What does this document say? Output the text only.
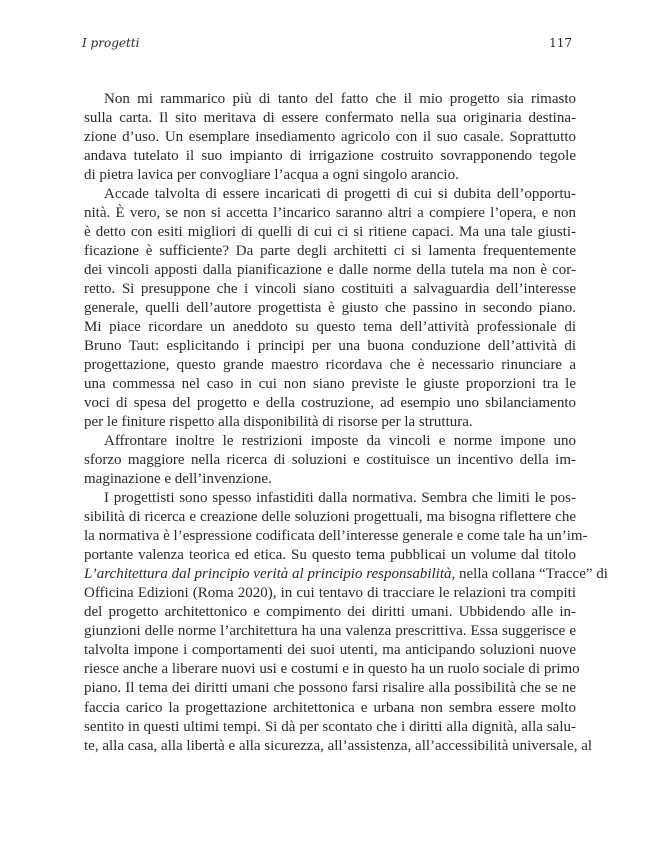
I progetti	117
Non mi rammarico più di tanto del fatto che il mio progetto sia rimasto
sulla carta. Il sito meritava di essere confermato nella sua originaria destina-
zione d’uso. Un esemplare insediamento agricolo con il suo casale. Soprattutto
andava tutelato il suo impianto di irrigazione costruito sovrapponendo tegole
di pietra lavica per convogliare l’acqua a ogni singolo arancio.
Accade talvolta di essere incaricati di progetti di cui si dubita dell’opportu-
nità. È vero, se non si accetta l’incarico saranno altri a compiere l’opera, e non
è detto con esiti migliori di quelli di cui ci si ritiene capaci. Ma una tale giusti-
ficazione è sufficiente? Da parte degli architetti ci si lamenta frequentemente
dei vincoli apposti dalla pianificazione e dalle norme della tutela ma non è cor-
retto. Si presuppone che i vincoli siano costituiti a salvaguardia dell’interesse
generale, quelli dell’autore progettista è giusto che passino in secondo piano.
Mi piace ricordare un aneddoto su questo tema dell’attività professionale di
Bruno Taut: esplicitando i principi per una buona conduzione dell’attività di
progettazione, questo grande maestro ricordava che è necessario rinunciare a
una commessa nel caso in cui non siano previste le giuste proporzioni tra le
voci di spesa del progetto e della costruzione, ad esempio uno sbilanciamento
per le finiture rispetto alla disponibilità di risorse per la struttura.
Affrontare inoltre le restrizioni imposte da vincoli e norme impone uno
sforzo maggiore nella ricerca di soluzioni e costituisce un incentivo della im-
maginazione e dell’invenzione.
I progettisti sono spesso infastiditi dalla normativa. Sembra che limiti le pos-
sibilità di ricerca e creazione delle soluzioni progettuali, ma bisogna riflettere che
la normativa è l’espressione codificata dell’interesse generale e come tale ha un’im-
portante valenza teorica ed etica. Su questo tema pubblicai un volume dal titolo
L’architettura dal principio verità al principio responsabilità, nella collana “Tracce” di
Officina Edizioni (Roma 2020), in cui tentavo di tracciare le relazioni tra compiti
del progetto architettonico e compimento dei diritti umani. Ubbidendo alle in-
giunzioni delle norme l’architettura ha una valenza prescrittiva. Essa suggerisce e
talvolta impone i comportamenti dei suoi utenti, ma anticipando soluzioni nuove
riesce anche a liberare nuovi usi e costumi e in questo ha un ruolo sociale di primo
piano. Il tema dei diritti umani che possono farsi risalire alla possibilità che se ne
faccia carico la progettazione architettonica e urbana non sembra essere molto
sentito in questi ultimi tempi. Si dà per scontato che i diritti alla dignità, alla salu-
te, alla casa, alla libertà e alla sicurezza, all’assistenza, all’accessibilità universale, al
